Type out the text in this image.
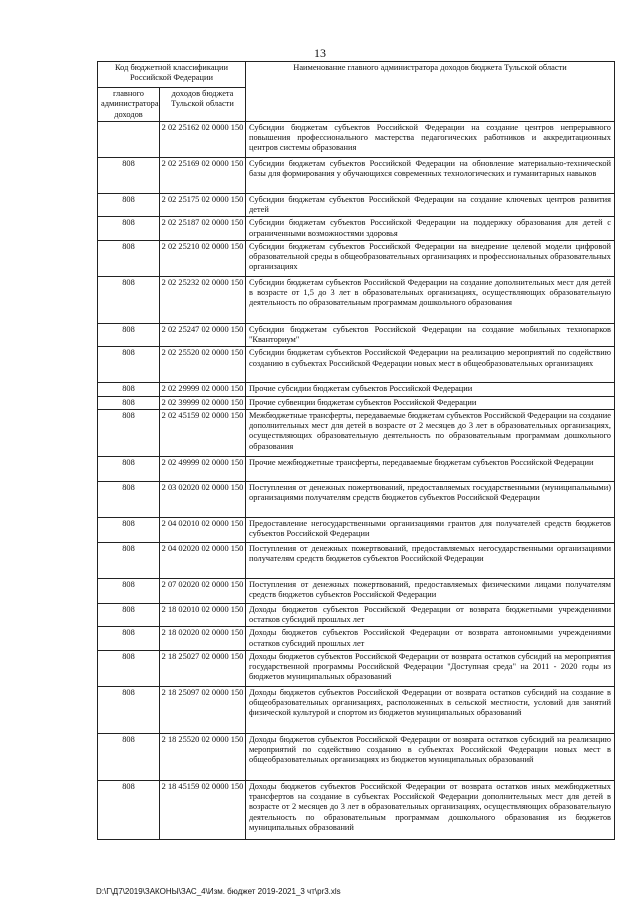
13
Код бюджетной классификации Российской Федерации		Наименование главного администратора доходов бюджета Тульской области
главного администратора доходов	доходов бюджета Тульской области	
	2 02 25162 02 0000 150	Субсидии бюджетам субъектов Российской Федерации на создание центров непрерывного повышения профессионального мастерства педагогических работников и аккредитационных центров системы образования
808	2 02 25169 02 0000 150	Субсидии бюджетам субъектов Российской Федерации на обновление материально-технической базы для формирования у обучающихся современных технологических и гуманитарных навыков
808	2 02 25175 02 0000 150	Субсидии бюджетам субъектов Российской Федерации на создание ключевых центров развития детей
808	2 02 25187 02 0000 150	Субсидии бюджетам субъектов Российской Федерации на поддержку образования для детей с ограниченными возможностями здоровья
808	2 02 25210 02 0000 150	Субсидии бюджетам субъектов Российской Федерации на внедрение целевой модели цифровой образовательной среды в общеобразовательных организациях и профессиональных образовательных организациях
808	2 02 25232 02 0000 150	Субсидии бюджетам субъектов Российской Федерации на создание дополнительных мест для детей в возрасте от 1,5 до 3 лет в образовательных организациях, осуществляющих образовательную деятельность по образовательным программам дошкольного образования
808	2 02 25247 02 0000 150	Субсидии бюджетам субъектов Российской Федерации на создание мобильных технопарков "Кванториум"
808	2 02 25520 02 0000 150	Субсидии бюджетам субъектов Российской Федерации на реализацию мероприятий по содействию созданию в субъектах Российской Федерации новых мест в общеобразовательных организациях
808	2 02 29999 02 0000 150	Прочие субсидии бюджетам субъектов Российской Федерации
808	2 02 39999 02 0000 150	Прочие субвенции бюджетам субъектов Российской Федерации
808	2 02 45159 02 0000 150	Межбюджетные трансферты, передаваемые бюджетам субъектов Российской Федерации на создание дополнительных мест для детей в возрасте от 2 месяцев до 3 лет в образовательных организациях, осуществляющих образовательную деятельность по образовательным программам дошкольного образования
808	2 02 49999 02 0000 150	Прочие межбюджетные трансферты, передаваемые бюджетам субъектов Российской Федерации
808	2 03 02020 02 0000 150	Поступления от денежных пожертвований, предоставляемых государственными (муниципальными) организациями получателям средств бюджетов субъектов Российской Федерации
808	2 04 02010 02 0000 150	Предоставление негосударственными организациями грантов для получателей средств бюджетов субъектов Российской Федерации
808	2 04 02020 02 0000 150	Поступления от денежных пожертвований, предоставляемых негосударственными организациями получателям средств бюджетов субъектов Российской Федерации
808	2 07 02020 02 0000 150	Поступления от денежных пожертвований, предоставляемых физическими лицами получателям средств бюджетов субъектов Российской Федерации
808	2 18 02010 02 0000 150	Доходы бюджетов субъектов Российской Федерации от возврата бюджетными учреждениями остатков субсидий прошлых лет
808	2 18 02020 02 0000 150	Доходы бюджетов субъектов Российской Федерации от возврата автономными учреждениями остатков субсидий прошлых лет
808	2 18 25027 02 0000 150	Доходы бюджетов субъектов Российской Федерации от возврата остатков субсидий на мероприятия государственной программы Российской Федерации "Доступная среда" на 2011 - 2020 годы из бюджетов муниципальных образований
808	2 18 25097 02 0000 150	Доходы бюджетов субъектов Российской Федерации от возврата остатков субсидий на создание в общеобразовательных организациях, расположенных в сельской местности, условий для занятий физической культурой и спортом из бюджетов муниципальных образований
808	2 18 25520 02 0000 150	Доходы бюджетов субъектов Российской Федерации от возврата остатков субсидий на реализацию мероприятий по содействию созданию в субъектах Российской Федерации новых мест в общеобразовательных организациях из бюджетов муниципальных образований
808	2 18 45159 02 0000 150	Доходы бюджетов субъектов Российской Федерации от возврата остатков иных межбюджетных трансфертов на создание в субъектах Российской Федерации дополнительных мест для детей в возрасте от 2 месяцев до 3 лет в образовательных организациях, осуществляющих образовательную деятельность по образовательным программам дошкольного образования из бюджетов муниципальных образований
D:\Г\Д7\2019\ЗАКОНЫ\ЗАС_4\Изм. бюджет 2019-2021_3 чт\pr3.xls
